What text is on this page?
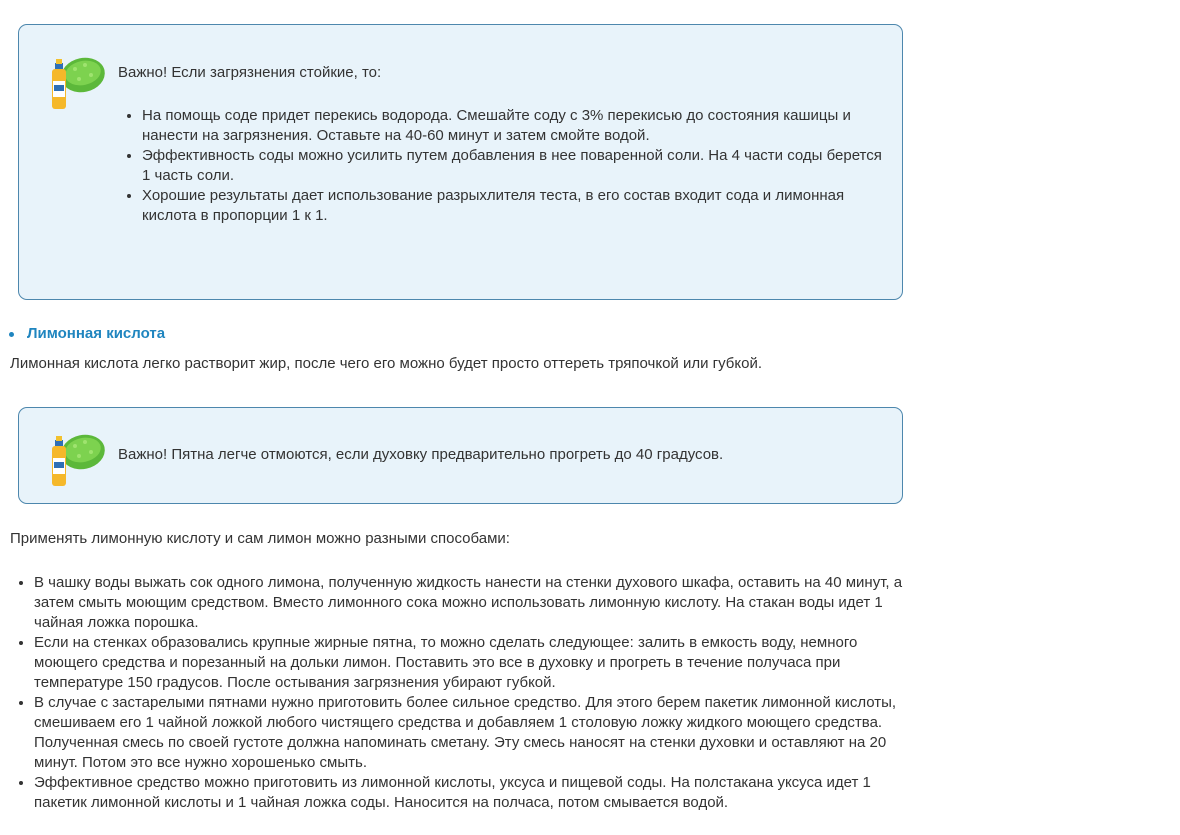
Важно! Если загрязнения стойкие, то:

• На помощь соде придет перекись водорода. Смешайте соду с 3% перекисью до состояния кашицы и нанести на загрязнения. Оставьте на 40-60 минут и затем смойте водой.
• Эффективность соды можно усилить путем добавления в нее поваренной соли. На 4 части соды берется 1 часть соли.
• Хорошие результаты дает использование разрыхлителя теста, в его состав входит сода и лимонная кислота в пропорции 1 к 1.
Лимонная кислота

Лимонная кислота легко растворит жир, после чего его можно будет просто оттереть тряпочкой или губкой.

Важно! Пятна легче отмоются, если духовку предварительно прогреть до 40 градусов.

Применять лимонную кислоту и сам лимон можно разными способами:

• В чашку воды выжать сок одного лимона, полученную жидкость нанести на стенки духового шкафа, оставить на 40 минут, а затем смыть моющим средством. Вместо лимонного сока можно использовать лимонную кислоту. На стакан воды идет 1 чайная ложка порошка.
• Если на стенках образовались крупные жирные пятна, то можно сделать следующее: залить в емкость воду, немного моющего средства и порезанный на дольки лимон. Поставить это все в духовку и прогреть в течение получаса при температуре 150 градусов. После остывания загрязнения убирают губкой.
• В случае с застарелыми пятнами нужно приготовить более сильное средство. Для этого берем пакетик лимонной кислоты, смешиваем его 1 чайной ложкой любого чистящего средства и добавляем 1 столовую ложку жидкого моющего средства. Полученная смесь по своей густоте должна напоминать сметану. Эту смесь наносят на стенки духовки и оставляют на 20 минут. Потом это все нужно хорошенько смыть.
• Эффективное средство можно приготовить из лимонной кислоты, уксуса и пищевой соды. На полстакана уксуса идет 1 пакетик лимонной кислоты и 1 чайная ложка соды. Наносится на полчаса, потом смывается водой.
